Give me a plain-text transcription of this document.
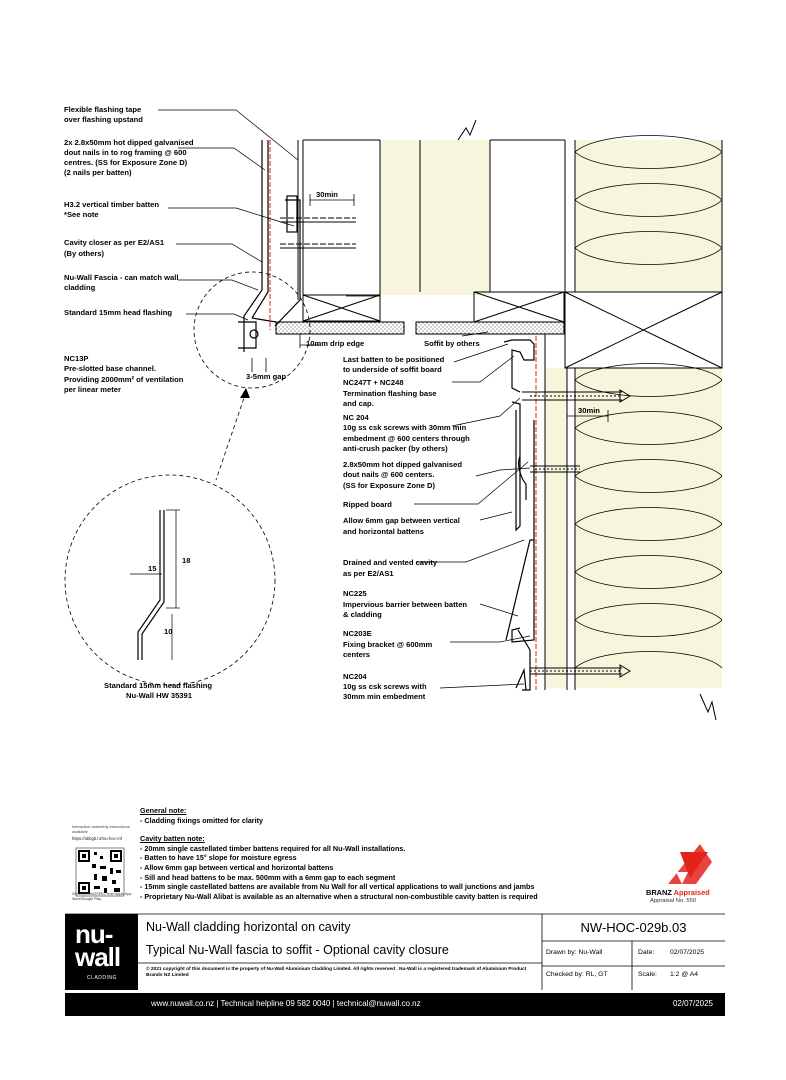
30min
30min
10mm drip edge
3-5mm gap
Soffit by others
15
18
10
Standard 15mm head flashing
Nu-Wall HW 35391
Flexible flashing tape
over flashing upstand
2x 2.8x50mm hot dipped galvanised
dout nails in to rog framing @ 600
centres. (SS for Exposure Zone D)
(2 nails per batten)
H3.2 vertical timber batten
*See note
Cavity closer as per E2/AS1
(By others)
Nu-Wall Fascia - can match wall
cladding
Standard 15mm head flashing
NC13P
Pre-slotted base channel.
Providing 2000mm² of ventilation
per linear meter
Last batten to be positioned
to underside of soffit board
NC247T + NC248
Termination flashing base
and cap.
NC 204
10g ss csk screws with 30mm min
embedment @ 600 centers through
anti-crush packer (by others)
2.8x50mm hot dipped galvanised
dout nails @ 600 centers.
(SS for Exposure Zone D)
Ripped board
Allow 6mm gap between vertical
and horizontal battens
Drained and vented cavity
as per E2/AS1
NC225
Impervious barrier between batten
& cladding
NC203E
Fixing bracket @ 600mm
centers
NC204
10g ss csk screws with
30mm min embedment
General note:
- Cladding fixings omitted for clarity
Cavity batten note:
- 20mm single castellated timber battens required for all Nu-Wall installations.
- Batten to have 15° slope for moisture egress
- Allow 6mm gap between vertical and horizontal battens
- Sill and head battens to be max. 500mm with a 6mm gap to each segment
- 15mm single castellated battens are available from Nu Wall for all vertical applications to wall junctions and jambs
- Proprietary Nu-Wall Alibat is available as an alternative when a structural non-combustible cavity batten is required
Interactive assembly instructions available
https://abbgb.nz/nu-hoc-rof
Get WORKINGSPEC from Apple App Store/Google Play
BRANZ Appraised
Appraisal No. 550
nu-
wall
CLADDING
Nu-Wall cladding horizontal on cavity
Typical Nu-Wall fascia to soffit - Optional cavity closure
© 2021 copyright of this document is the property of Nu-Wall Aluminium Cladding Limited. All rights reserved . Nu-Wall is a registered trademark of Aluminium Product Brands NZ Limited
NW-HOC-029b.03
Drawn by: Nu-Wall	Date: 02/07/2025
Checked by: RL, GT	Scale: 1:2 @ A4
www.nuwall.co.nz | Technical helpline 09 582 0040 | technical@nuwall.co.nz	02/07/2025
